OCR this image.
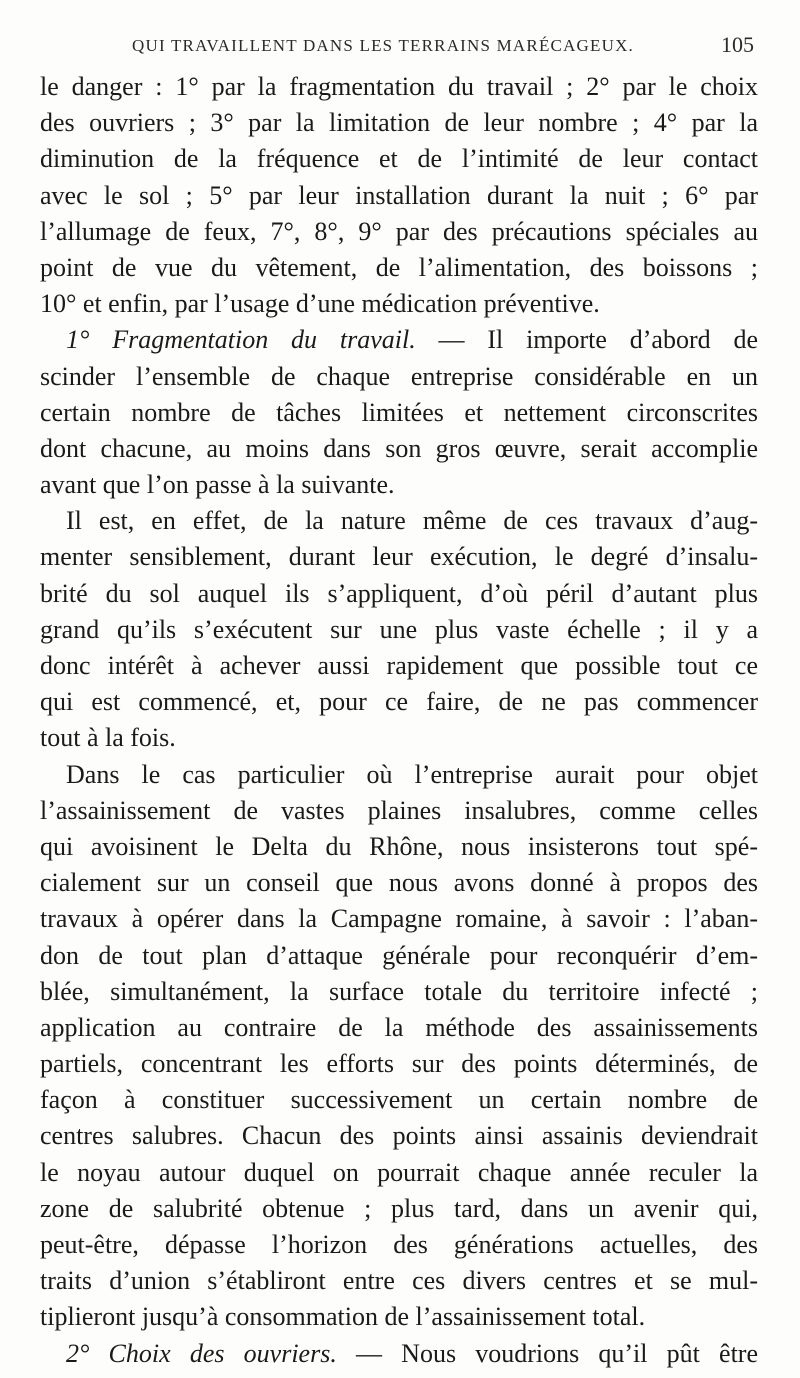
QUI TRAVAILLENT DANS LES TERRAINS MARÉCAGEUX.	105
le danger : 1° par la fragmentation du travail ; 2° par le choix
des ouvriers ; 3° par la limitation de leur nombre ; 4° par la
diminution de la fréquence et de l’intimité de leur contact
avec le sol ; 5° par leur installation durant la nuit ; 6° par
l’allumage de feux, 7°, 8°, 9° par des précautions spéciales au
point de vue du vêtement, de l’alimentation, des boissons ;
10° et enfin, par l’usage d’une médication préventive.
1° Fragmentation du travail. — Il importe d’abord de
scinder l’ensemble de chaque entreprise considérable en un
certain nombre de tâches limitées et nettement circonscrites
dont chacune, au moins dans son gros œuvre, serait accomplie
avant que l’on passe à la suivante.
Il est, en effet, de la nature même de ces travaux d’aug-
menter sensiblement, durant leur exécution, le degré d’insalu-
brité du sol auquel ils s’appliquent, d’où péril d’autant plus
grand qu’ils s’exécutent sur une plus vaste échelle ; il y a
donc intérêt à achever aussi rapidement que possible tout ce
qui est commencé, et, pour ce faire, de ne pas commencer
tout à la fois.
Dans le cas particulier où l’entreprise aurait pour objet
l’assainissement de vastes plaines insalubres, comme celles
qui avoisinent le Delta du Rhône, nous insisterons tout spé-
cialement sur un conseil que nous avons donné à propos des
travaux à opérer dans la Campagne romaine, à savoir : l’aban-
don de tout plan d’attaque générale pour reconquérir d’em-
blée, simultanément, la surface totale du territoire infecté ;
application au contraire de la méthode des assainissements
partiels, concentrant les efforts sur des points déterminés, de
façon à constituer successivement un certain nombre de
centres salubres. Chacun des points ainsi assainis deviendrait
le noyau autour duquel on pourrait chaque année reculer la
zone de salubrité obtenue ; plus tard, dans un avenir qui,
peut-être, dépasse l’horizon des générations actuelles, des
traits d’union s’établiront entre ces divers centres et se mul-
tiplieront jusqu’à consommation de l’assainissement total.
2° Choix des ouvriers. — Nous voudrions qu’il pût être
